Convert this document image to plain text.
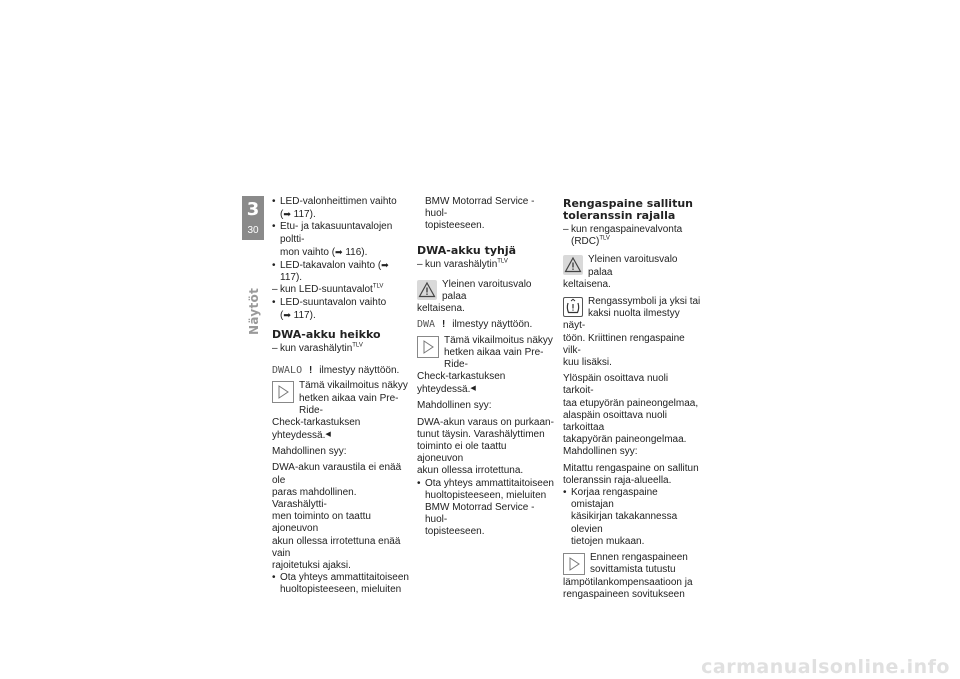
3
30
Näytöt

• LED-valonheittimen vaihto
(➡ 117).

• Etu- ja takasuuntavalojen poltti-
mon vaihto (➡ 116).

• LED-takavalon vaihto (➡ 117).

– kun LED-suuntavalot$^{TLV}$

• LED-suuntavalon vaihto
(➡ 117).

DWA-akku heikko

– kun varashälytin$^{TLV}$

DWALO ! ilmestyy näyttöön.

Tämä vikailmoitus näkyy
hetken aikaa vain Pre-Ride-
Check-tarkastuksen yhteydessä.◀

Mahdollinen syy:

DWA-akun varaustila ei enää ole
paras mahdollinen. Varashälytti-
men toiminto on taattu ajoneuvon
akun ollessa irrotettuna enää vain
rajoitetuksi ajaksi.

• Ota yhteys ammattitaitoiseen
huoltopisteeseen, mieluiten

BMW Motorrad Service -huol-
topisteeseen.

DWA-akku tyhjä

– kun varashälytin$^{TLV}$

Yleinen varoitusvalo palaa
keltaisena.

DWA ! ilmestyy näyttöön.

Tämä vikailmoitus näkyy
hetken aikaa vain Pre-Ride-
Check-tarkastuksen yhteydessä.◀

Mahdollinen syy:

DWA-akun varaus on purkaan-
tunut täysin. Varashälyttimen
toiminto ei ole taattu ajoneuvon
akun ollessa irrotettuna.

• Ota yhteys ammattitaitoiseen
huoltopisteeseen, mieluiten
BMW Motorrad Service -huol-
topisteeseen.

Rengaspaine sallitun
toleranssin rajalla

– kun rengaspainevalvonta
(RDC)$^{TLV}$

Yleinen varoitusvalo palaa
keltaisena.
Rengassymboli ja yksi tai
kaksi nuolta ilmestyy näyt-
töön. Kriittinen rengaspaine vilk-
kuu lisäksi.

Ylöspäin osoittava nuoli tarkoit-
taa etupyörän paineongelmaa,
alaspäin osoittava nuoli tarkoittaa
takapyörän paineongelmaa.

Mahdollinen syy:

Mitattu rengaspaine on sallitun
toleranssin raja-alueella.

• Korjaa rengaspaine omistajan
käsikirjan takakannessa olevien
tietojen mukaan.

Ennen rengaspaineen
sovittamista tutustu
lämpötilankompensaatioon ja
rengaspaineen sovitukseen
carmanualsonline.info
